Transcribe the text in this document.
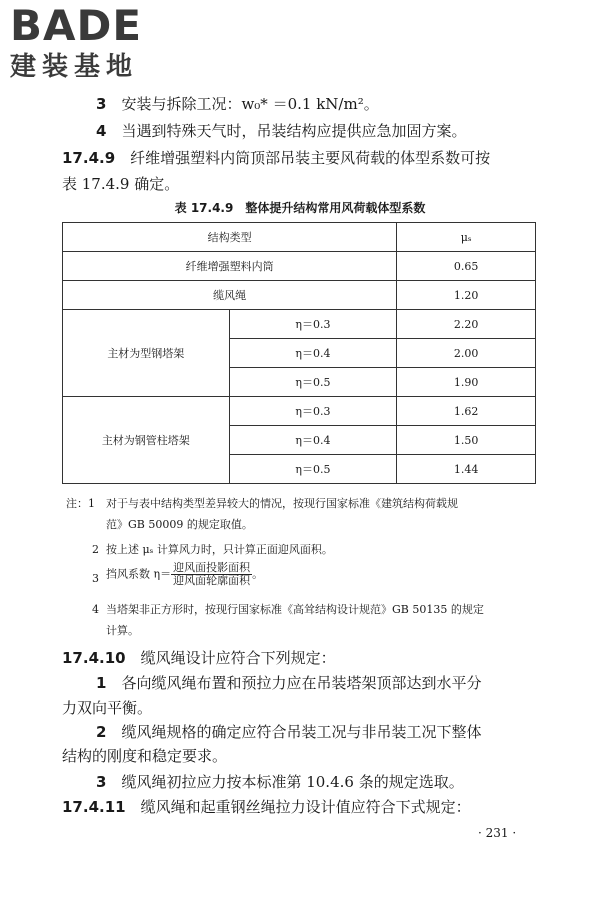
BADE
建装基地
3　 安装与拆除工况：w₀* ＝0.1 kN/m²。
4　 当遇到特殊天气时，吊装结构应提供应急加固方案。
17.4.9　 纤维增强塑料内筒顶部吊装主要风荷载的体型系数可按
表 17.4.9 确定。
表 17.4.9　整体提升结构常用风荷载体型系数
结构类型		μₛ
纤维增强塑料内筒		0.65
缆风绳		1.20
主材为型钢塔架	η＝0.3	2.20
	η＝0.4	2.00
	η＝0.5	1.90
主材为钢管柱塔架	η＝0.3	1.62
	η＝0.4	1.50
	η＝0.5	1.44
注：1 对于与表中结构类型差异较大的情况，按现行国家标准《建筑结构荷载规
范》GB 50009 的规定取值。
2 按上述 μₛ 计算风力时，只计算正面迎风面积。
3 挡风系数 $\eta= \frac{\text{迎风面投影面积}}{\text{迎风面轮廓面积}}$ 。
4 当塔架非正方形时，按现行国家标准《高耸结构设计规范》GB 50135 的规定
计算。
17.4.10　 缆风绳设计应符合下列规定：
1　 各向缆风绳布置和预拉力应在吊装塔架顶部达到水平分
力双向平衡。
2　 缆风绳规格的确定应符合吊装工况与非吊装工况下整体
结构的刚度和稳定要求。
3　 缆风绳初拉应力按本标准第 10.4.6 条的规定选取。
17.4.11　 缆风绳和起重钢丝绳拉力设计值应符合下式规定：
· 231 ·
